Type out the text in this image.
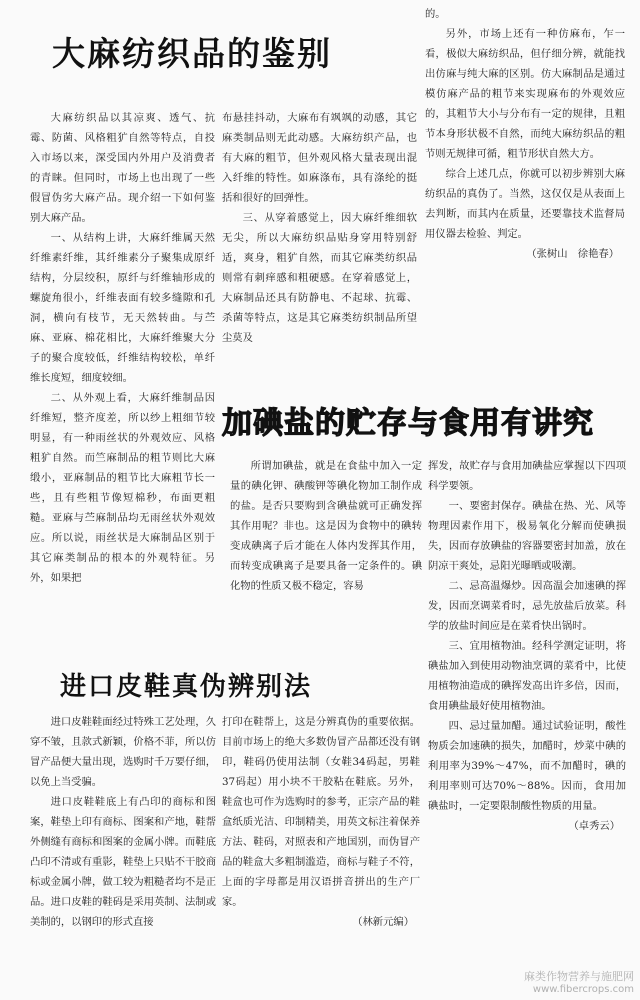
大麻纺织品的鉴别
加碘盐的贮存与食用有讲究
进口皮鞋真伪辨别法

大麻纺织品以其凉爽、透气、抗霉、防菌、风格粗犷自然等特点，自投入市场以来，深受国内外用户及消费者的青睐。但同时，市场上也出现了一些假冒伪劣大麻产品。现介绍一下如何鉴别大麻产品。

一、从结构上讲，大麻纤维属天然纤维素纤维，其纤维素分子聚集成原纤结构，分层绞积，原纤与纤维轴形成的螺旋角很小，纤维表面有较多缝隙和孔洞，横向有枝节，无天然转曲。与苎麻、亚麻、棉花相比，大麻纤维聚大分子的聚合度较低，纤维结构较松，单纤维长度短，细度较细。

二、从外观上看，大麻纤维制品因纤维短，整齐度差，所以纱上粗细节较明显，有一种雨丝状的外观效应、风格粗犷自然。而竺麻制品的粗节则比大麻缎小，亚麻制品的粗节比大麻粗节长一些，且有些粗节像短棉秒，布面更粗糙。亚麻与苎麻制品均无雨丝状外观效应。所以说，雨丝状是大麻制品区别于其它麻类制品的根本的外观特征。另外，如果把

布悬挂抖动，大麻布有飒飒的动感，其它麻类制品则无此动感。大麻纺织产品，也有大麻的粗节，但外观风格大量表现出混入纤维的特性。如麻涤布，具有涤纶的挺括和很好的回弹性。

三、从穿着感觉上，因大麻纤维细软无尖，所以大麻纺织品贴身穿用特别舒适，爽身，粗犷自然，而其它麻类纺织品则常有刺痒感和粗硬感。在穿着感觉上，大麻制品还具有防静电、不起球、抗霉、杀菌等特点，这是其它麻类纺织制品所望尘莫及

的。

另外，市场上还有一种仿麻布，乍一看，极似大麻纺织品，但仔细分辨，就能找出仿麻与纯大麻的区别。仿大麻制品是通过模仿麻产品的粗节来实现麻布的外观效应的，其粗节大小与分布有一定的规律，且粗节本身形状极不自然，而纯大麻纺织品的粗节则无规律可循，粗节形状自然大方。

综合上述几点，你就可以初步辨别大麻纺织品的真伪了。当然，这仅仅是从表面上去判断，而其内在质量，还要靠技术监督局用仪器去检验、判定。

（张树山　徐艳春）

所谓加碘盐，就是在食盐中加入一定量的碘化钾、碘酸钾等碘化物加工制作成的盐。是否只要购到含碘盐就可正确发挥其作用呢？非也。这是因为食物中的碘转变成碘离子后才能在人体内发挥其作用，而转变成碘离子是要具备一定条件的。碘化物的性质又极不稳定，容易

挥发，故贮存与食用加碘盐应掌握以下四项科学要领。

一、要密封保存。碘盐在热、光、风等物理因素作用下，极易氧化分解而使碘损失，因而存放碘盐的容器要密封加盖，放在阴凉干爽处，忌阳光曝晒或吸潮。

二、忌高温爆炒。因高温会加速碘的挥发，因而烹调菜肴时，忌先放盐后放菜。科学的放盐时间应是在菜肴快出锅时。

三、宜用植物油。经科学测定证明，将碘盐加入到使用动物油烹调的菜肴中，比使用植物油造成的碘挥发高出许多倍，因而，食用碘盐最好使用植物油。

四、忌过量加醋。通过试验证明，酸性物质会加速碘的损失，加醋时，炒菜中碘的利用率为39%～47%，而不加醋时，碘的利用率则可达70%～88%。因而，食用加碘盐时，一定要限制酸性物质的用量。

（卓秀云）

进口皮鞋鞋面经过特殊工艺处理，久穿不皱，且款式新颖，价格不菲，所以仿冒产品便大量出现，选购时千万要仔细，以免上当受骗。

进口皮鞋鞋底上有凸印的商标和图案，鞋垫上印有商标、图案和产地，鞋帮外侧缝有商标和图案的金属小牌。而鞋底凸印不清或有重影，鞋垫上只贴不干胶商标或金属小牌，做工较为粗糙者均不是正品。进口皮鞋的鞋码是采用英制、法制或美制的，以钢印的形式直接

打印在鞋帮上，这是分辨真伪的重要依据。目前市场上的绝大多数伪冒产品都还没有钢印，鞋码仍使用法制（女鞋34码起，男鞋37码起）用小块不干胶粘在鞋底。另外，鞋盒也可作为选购时的参考，正宗产品的鞋盒纸质光洁、印制精美，用英文标注着保养方法、鞋码，对照表和产地国别，而伪冒产品的鞋盒大多粗制滥造，商标与鞋子不符，上面的字母都是用汉语拼音拼出的生产厂家。

（林新元编）

麻类作物营养与施肥网
www.fibercrops.com
